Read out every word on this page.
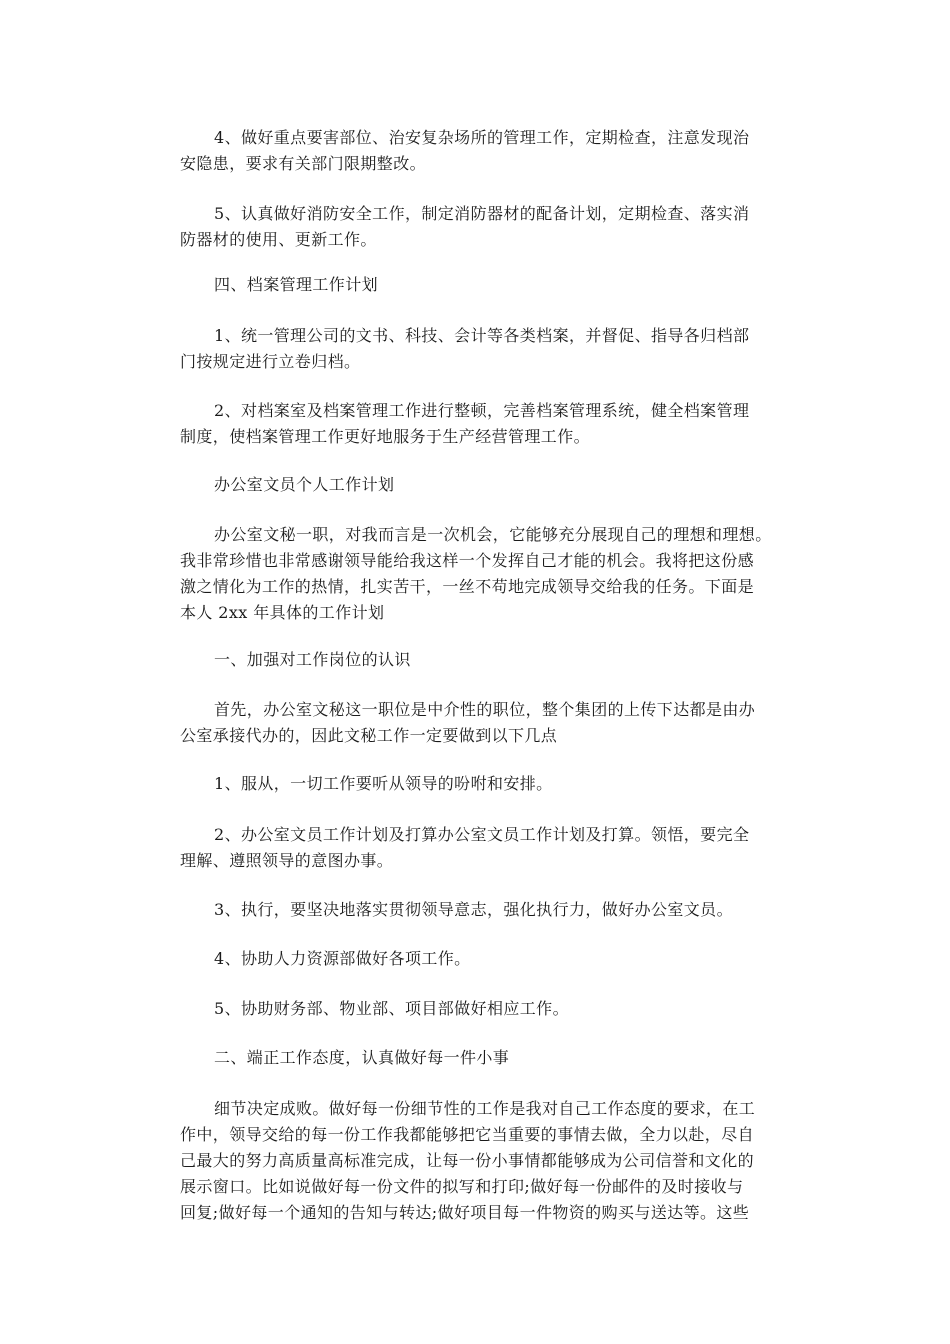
4、做好重点要害部位、治安复杂场所的管理工作，定期检查，注意发现治
安隐患，要求有关部门限期整改。
5、认真做好消防安全工作，制定消防器材的配备计划，定期检查、落实消
防器材的使用、更新工作。
四、档案管理工作计划
1、统一管理公司的文书、科技、会计等各类档案，并督促、指导各归档部
门按规定进行立卷归档。
2、对档案室及档案管理工作进行整顿，完善档案管理系统，健全档案管理
制度，使档案管理工作更好地服务于生产经营管理工作。
办公室文员个人工作计划
办公室文秘一职，对我而言是一次机会，它能够充分展现自己的理想和理想。
我非常珍惜也非常感谢领导能给我这样一个发挥自己才能的机会。我将把这份感
激之情化为工作的热情，扎实苦干，一丝不苟地完成领导交给我的任务。下面是
本人 2xx 年具体的工作计划
一、加强对工作岗位的认识
首先，办公室文秘这一职位是中介性的职位，整个集团的上传下达都是由办
公室承接代办的，因此文秘工作一定要做到以下几点
1、服从，一切工作要听从领导的吩咐和安排。
2、办公室文员工作计划及打算办公室文员工作计划及打算。领悟，要完全
理解、遵照领导的意图办事。
3、执行，要坚决地落实贯彻领导意志，强化执行力，做好办公室文员。
4、协助人力资源部做好各项工作。
5、协助财务部、物业部、项目部做好相应工作。
二、端正工作态度，认真做好每一件小事
细节决定成败。做好每一份细节性的工作是我对自己工作态度的要求，在工
作中，领导交给的每一份工作我都能够把它当重要的事情去做，全力以赴，尽自
己最大的努力高质量高标准完成，让每一份小事情都能够成为公司信誉和文化的
展示窗口。比如说做好每一份文件的拟写和打印;做好每一份邮件的及时接收与
回复;做好每一个通知的告知与转达;做好项目每一件物资的购买与送达等。这些
